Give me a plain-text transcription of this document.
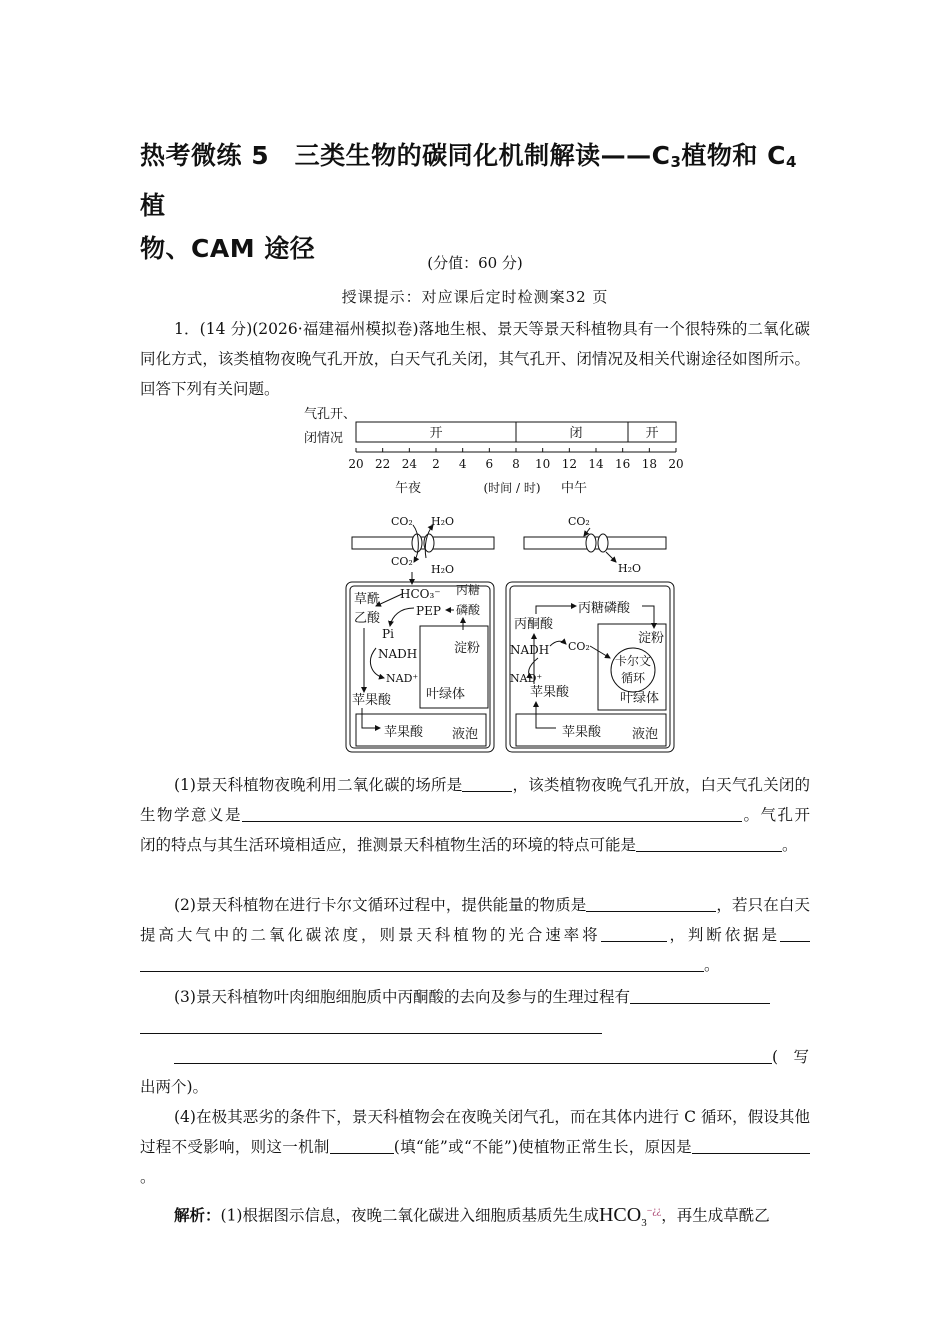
热考微练 5　三类生物的碳同化机制解读$——C_3$植物和 $C_4$植
物、CAM 途径	(分值：60 分)
授课提示：对应课后定时检测案32 页
1．(14 分)(2026·福建福州模拟卷)落地生根、景天等景天科植物具有一个很特殊的二氧化碳同化方式，该类植物夜晚气孔开放，白天气孔关闭，其气孔开、闭情况及相关代谢途径如图所示。回答下列有关问题。
气孔开、
闭情况	开	闭	开
20 22 24 2 4 6 8 10 12 14 16 18 20
午夜	(时间 / 时) 中午
CO₂ H₂O
CO₂
H₂O
草酰
乙酸
HCO₃⁻ 丙糖
磷酸
PEP
Pi
NADH
NAD⁺
苹果酸
淀粉
叶绿体
苹果酸 液泡
CO₂
H₂O
丙糖磷酸
丙酮酸
NADH CO₂
NAD⁺
苹果酸
淀粉
卡尔文
循环
叶绿体
苹果酸 液泡
(1)景天科植物夜晚利用二氧化碳的场所是	，该类植物夜晚气孔开放，白天气孔关闭的生物学意义是	。气孔开闭的特点与其生活环境相适应，推测景天科植物生活的环境的特点可能是	。
(2)景天科植物在进行卡尔文循环过程中，提供能量的物质是	，若只在白天提高大气中的二氧化碳浓度，则景天科植物的光合速率将	，判断依据是。
(3)景天科植物叶肉细胞细胞质中丙酮酸的去向及参与的生理过程有
(　写
出两个)。
(4)在极其恶劣的条件下，景天科植物会在夜晚关闭气孔，而在其体内进行 C 循环，假设其他过程不受影响，则这一机制	(填“能”或“不能”)使植物正常生长，原因是。
解析：(1)根据图示信息，夜晚二氧化碳进入细胞质基质先生成$HCO_3^{-¿¿}$，再生成草酰乙
